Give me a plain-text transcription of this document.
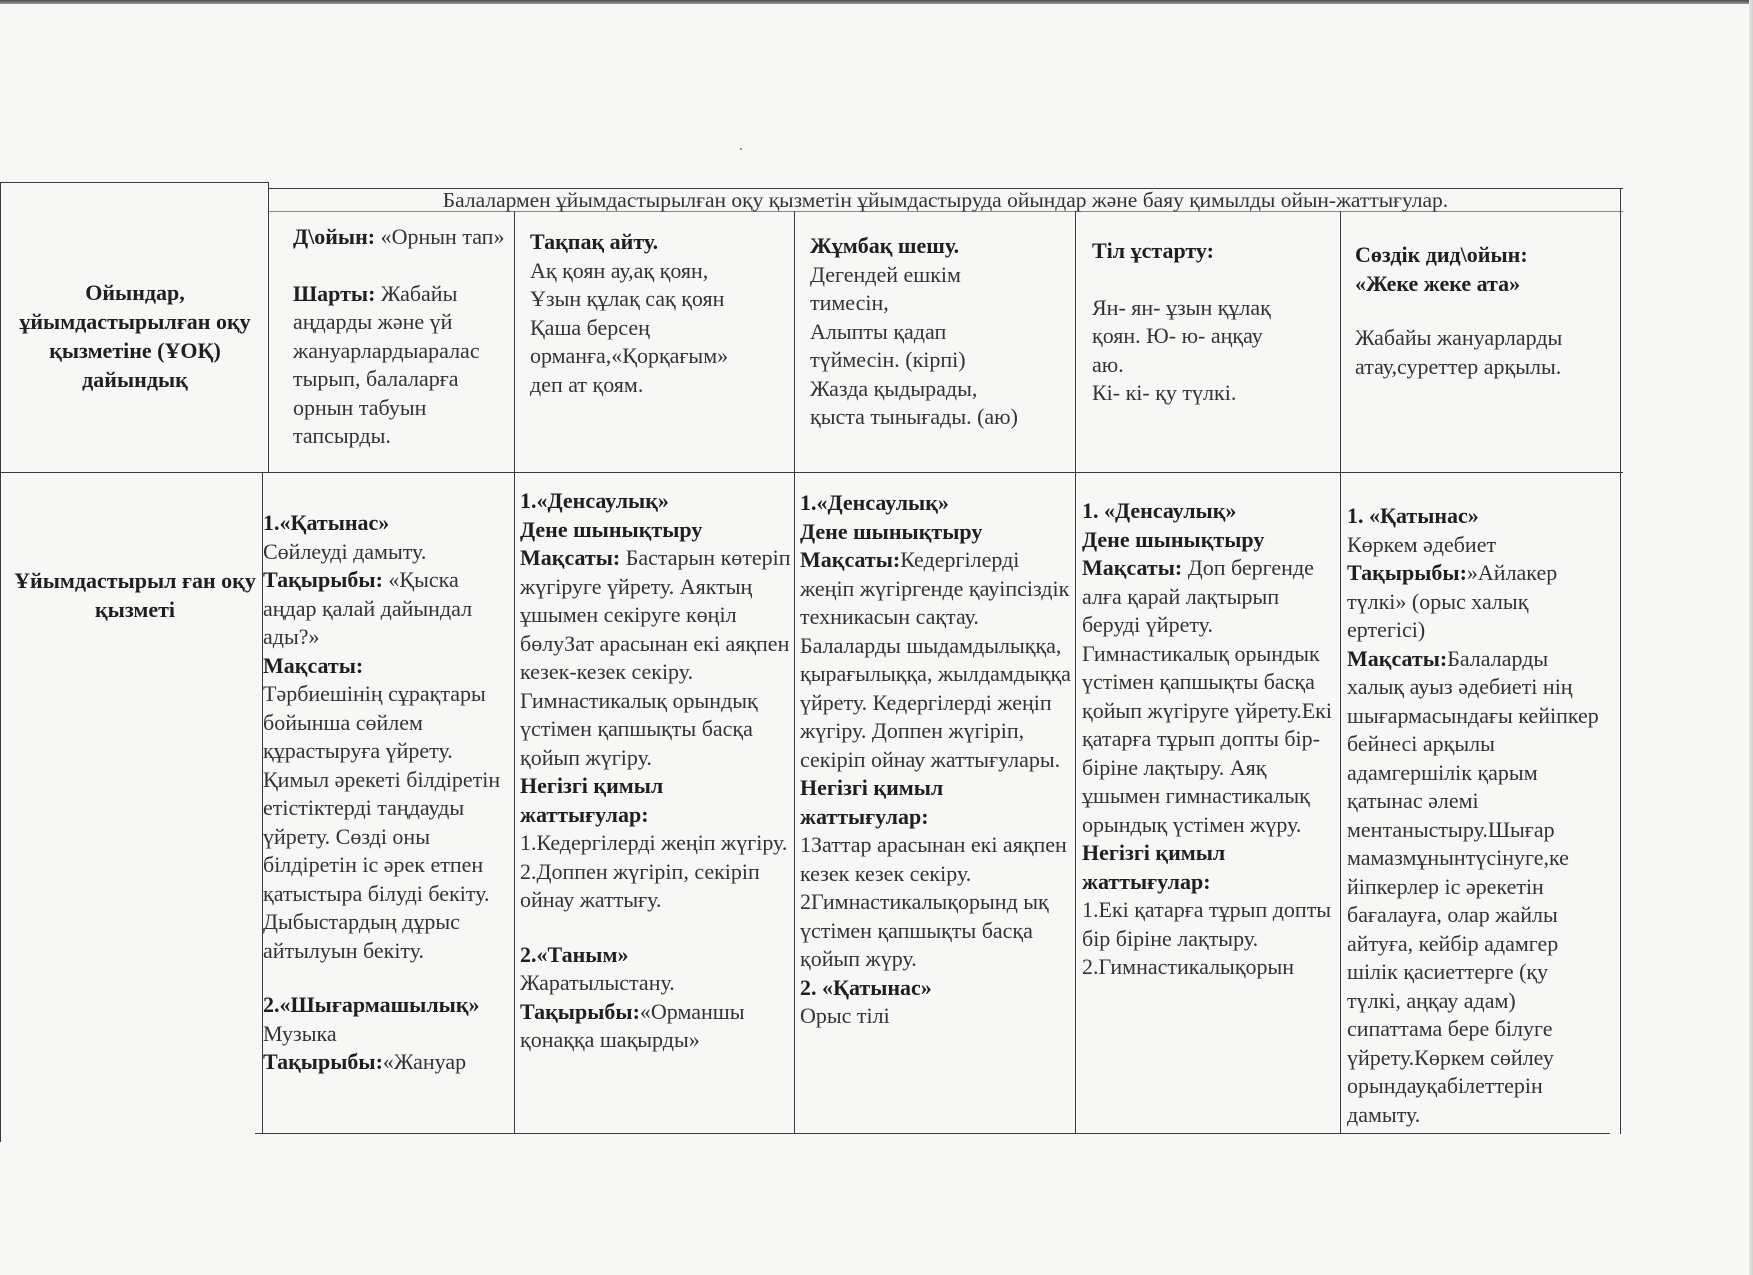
Ойындар, ұйымдастырылған оқу қызметіне (ҰОҚ) дайындық
Балалармен ұйымдастырылған оқу қызметін ұйымдастыруда ойындар және баяу қимылды ойын-жаттығулар.

Д\ойын: «Орнын тап»

Шарты: Жабайы аңдарды және үй жануарлардыаралас тырып, балаларға орнын табуын тапсырды.

Тақпақ айту.

Ақ қоян ау,ақ қоян,

Ұзын құлақ сақ қоян

Қаша берсең

орманға,«Қорқағым»

деп ат қоям.

Жұмбақ шешу.

Дегендей ешкім

тимесін,

Алыпты қадап

түймесін. (кірпі)

Жазда қыдырады,

қыста тынығады. (аю)

Тіл ұстарту:

Ян- ян- ұзын құлақ

қоян. Ю- ю- аңқау

аю.

Кі- кі- қу түлкі.

Сөздік дид\ойын:

«Жеке жеке ата»

Жабайы жануарларды атау,суреттер арқылы.

Ұйымдастырыл ған оқу қызметі

1.«Қатынас»

Сөйлеуді дамыту.

Тақырыбы: «Қыска аңдар қалай дайындал ады?»

Мақсаты:

Тәрбиешінің сұрақтары бойынша сөйлем құрастыруға үйрету. Қимыл әрекеті білдіретін етістіктерді таңдауды үйрету. Сөзді оны білдіретін іс әрек етпен қатыстыра білуді бекіту. Дыбыстардың дұрыс айтылуын бекіту.

2.«Шығармашылық»

Музыка

Тақырыбы:«Жануар

1.«Денсаулық»

Дене шынықтыру

Мақсаты: Бастарын көтеріп жүгіруге үйрету. Аяктың ұшымен секіруге көңіл бөлуЗат арасынан екі аяқпен кезек-кезек секіру. Гимнастикалық орындық үстімен қапшықты басқа қойып жүгіру.

Негізгі қимыл жаттығулар:

1.Кедергілерді жеңіп жүгіру.

2.Доппен жүгіріп, секіріп ойнау жаттығу.

2.«Таным»

Жаратылыстану.

Тақырыбы:«Орманшы қонаққа шақырды»

1.«Денсаулық»

Дене шынықтыру

Мақсаты:Кедергілерді жеңіп жүгіргенде қауіпсіздік техникасын сақтау. Балаларды шыдамдылыққа, қырағылыққа, жылдамдыққа үйрету. Кедергілерді жеңіп жүгіру. Доппен жүгіріп, секіріп ойнау жаттығулары.

Негізгі қимыл жаттығулар:

1Заттар арасынан екі аяқпен кезек кезек секіру.

2Гимнастикалықорынд ық үстімен қапшықты басқа қойып жүру.

2. «Қатынас»

Орыс тілі

1. «Денсаулық»

Дене шынықтыру

Мақсаты: Доп бергенде алға қарай лақтырып беруді үйрету. Гимнастикалық орындык үстімен қапшықты басқа қойып жүгіруге үйрету.Екі қатарға тұрып допты бір-біріне лақтыру. Аяқ ұшымен гимнастикалық орындық үстімен жүру.

Негізгі қимыл жаттығулар:

1.Екі қатарға тұрып допты бір біріне лақтыру.

2.Гимнастикалықорын

1. «Қатынас»

Көркем әдебиет

Тақырыбы:»Айлакер түлкі» (орыс халық ертегісі)

Мақсаты:Балаларды халық ауыз әдебиеті нің шығармасындағы кейіпкер бейнесі арқылы адамгершілік қарым қатынас әлемі ментаныстыру.Шығар мамазмұнынтүсінуге,ке йіпкерлер іс әрекетін бағалауға, олар жайлы айтуға, кейбір адамгер шілік қасиеттерге (қу түлкі, аңқау адам) сипаттама бере білуге үйрету.Көркем сөйлеу орындауқабілеттерін дамыту.
